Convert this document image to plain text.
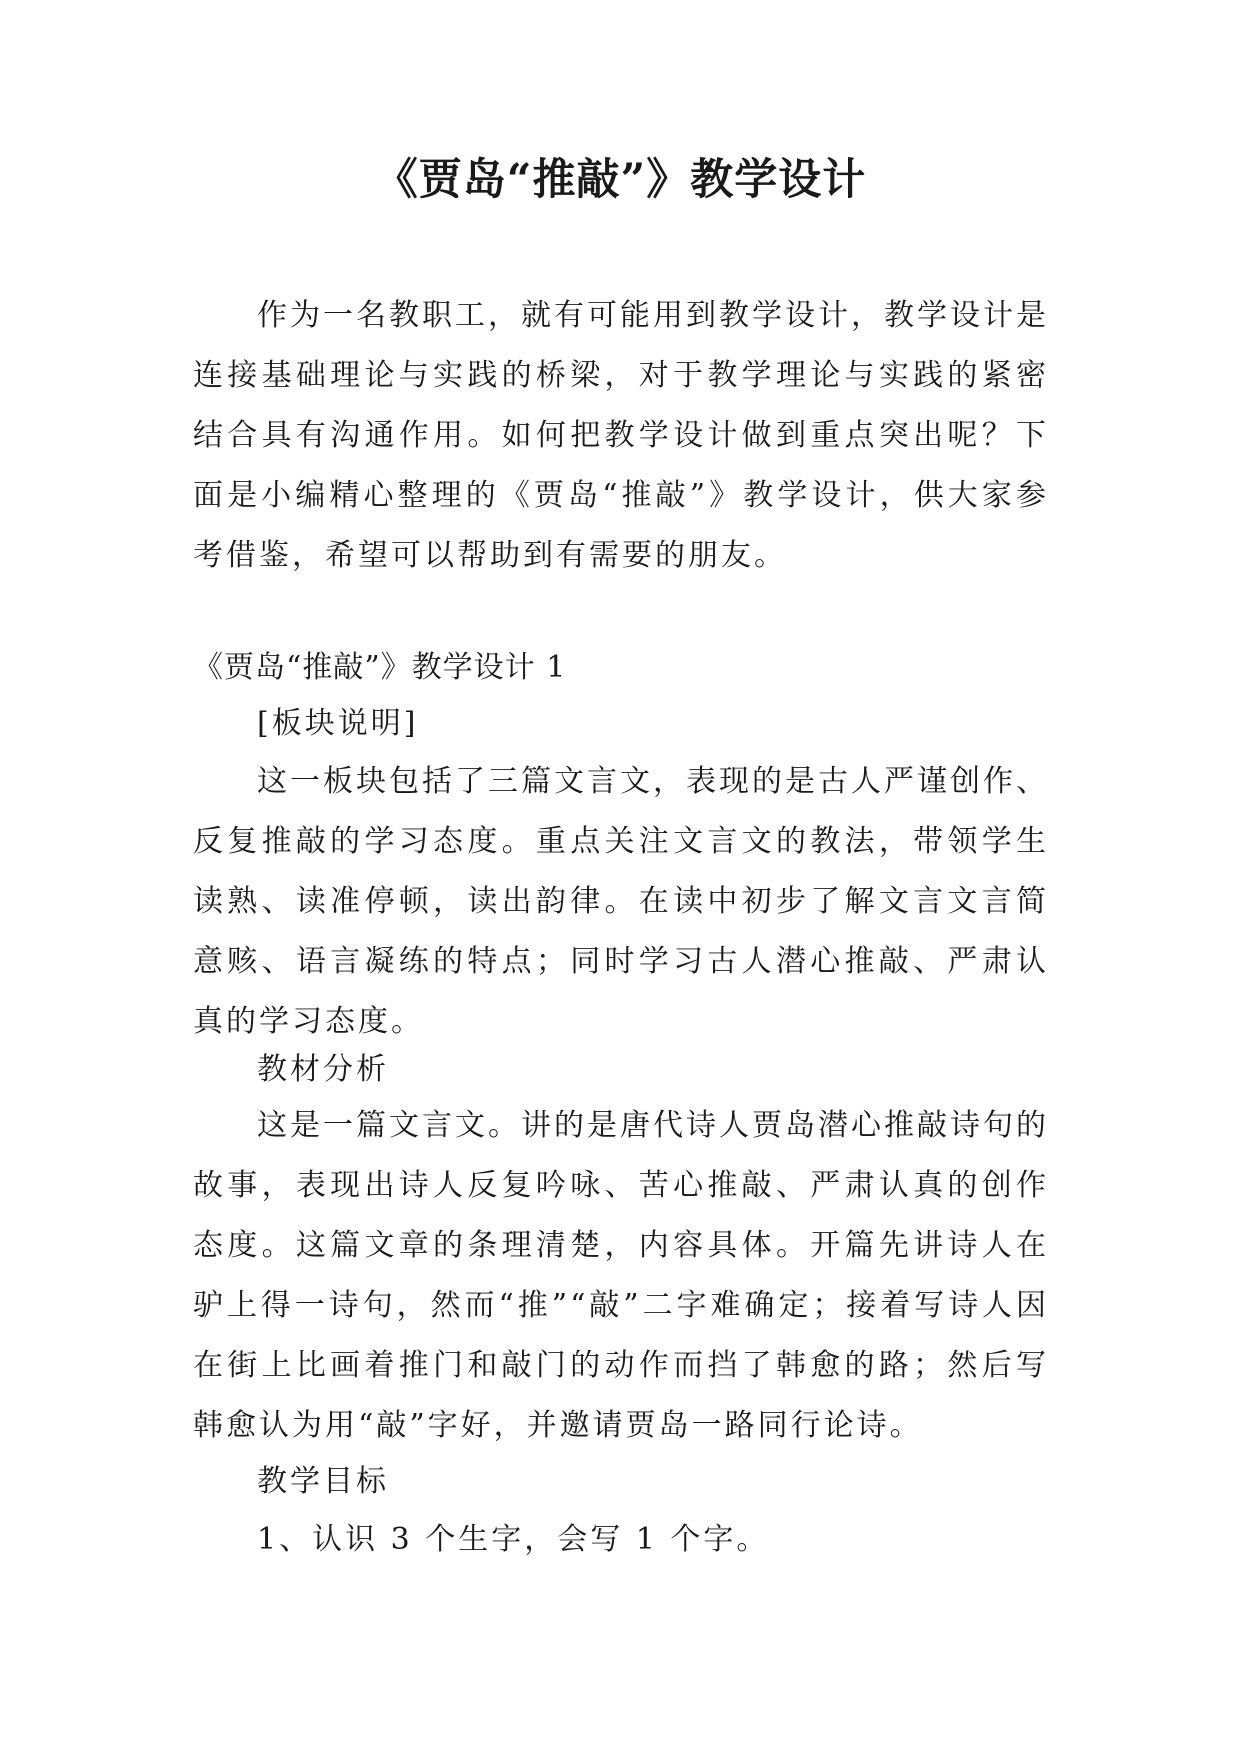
《贾岛“推敲”》教学设计
作为一名教职工，就有可能用到教学设计，教学设计是连接基础理论与实践的桥梁，对于教学理论与实践的紧密结合具有沟通作用。如何把教学设计做到重点突出呢？下面是小编精心整理的《贾岛“推敲”》教学设计，供大家参考借鉴，希望可以帮助到有需要的朋友。
《贾岛“推敲”》教学设计 1
[板块说明]
这一板块包括了三篇文言文，表现的是古人严谨创作、反复推敲的学习态度。重点关注文言文的教法，带领学生读熟、读准停顿，读出韵律。在读中初步了解文言文言简意赅、语言凝练的特点；同时学习古人潜心推敲、严肃认真的学习态度。
教材分析
这是一篇文言文。讲的是唐代诗人贾岛潜心推敲诗句的故事，表现出诗人反复吟咏、苦心推敲、严肃认真的创作态度。这篇文章的条理清楚，内容具体。开篇先讲诗人在驴上得一诗句，然而“推”“敲”二字难确定；接着写诗人因在街上比画着推门和敲门的动作而挡了韩愈的路；然后写韩愈认为用“敲”字好，并邀请贾岛一路同行论诗。
教学目标
1、认识 3 个生字，会写 1 个字。
